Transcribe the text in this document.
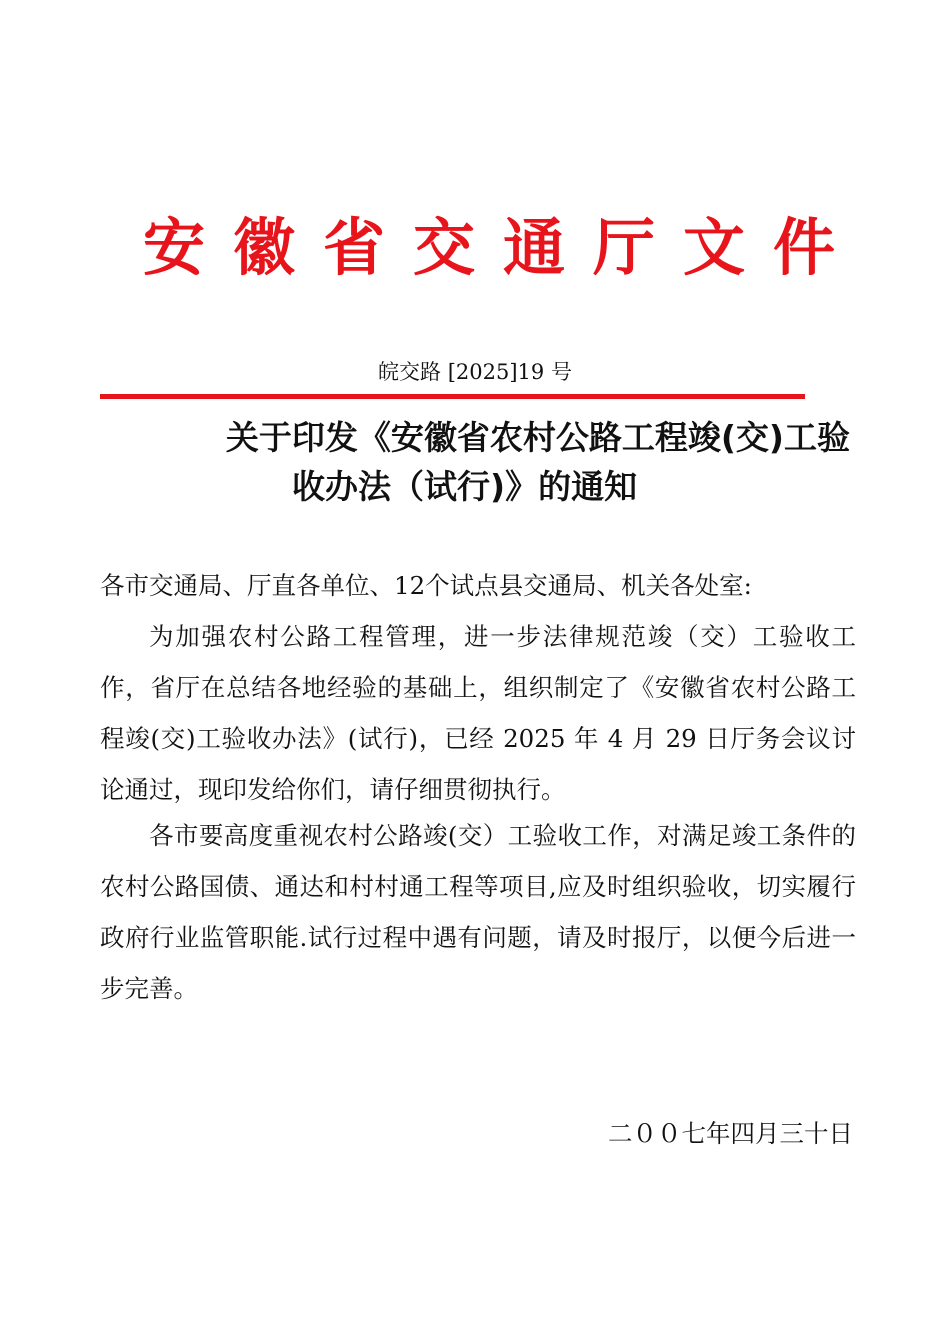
安徽省交通厅文件
皖交路 [2025]19 号
关于印发《安徽省农村公路工程竣(交)工验
收办法（试行)》的通知
各市交通局、厅直各单位、12个试点县交通局、机关各处室:
为加强农村公路工程管理，进一步法律规范竣（交）工验收工作，省厅在总结各地经验的基础上，组织制定了《安徽省农村公路工程竣(交)工验收办法》(试行)，已经 2025 年 4 月 29 日厅务会议讨论通过，现印发给你们，请仔细贯彻执行。
各市要高度重视农村公路竣(交）工验收工作，对满足竣工条件的农村公路国债、通达和村村通工程等项目,应及时组织验收，切实履行政府行业监管职能.试行过程中遇有问题，请及时报厅，以便今后进一步完善。
二００七年四月三十日
